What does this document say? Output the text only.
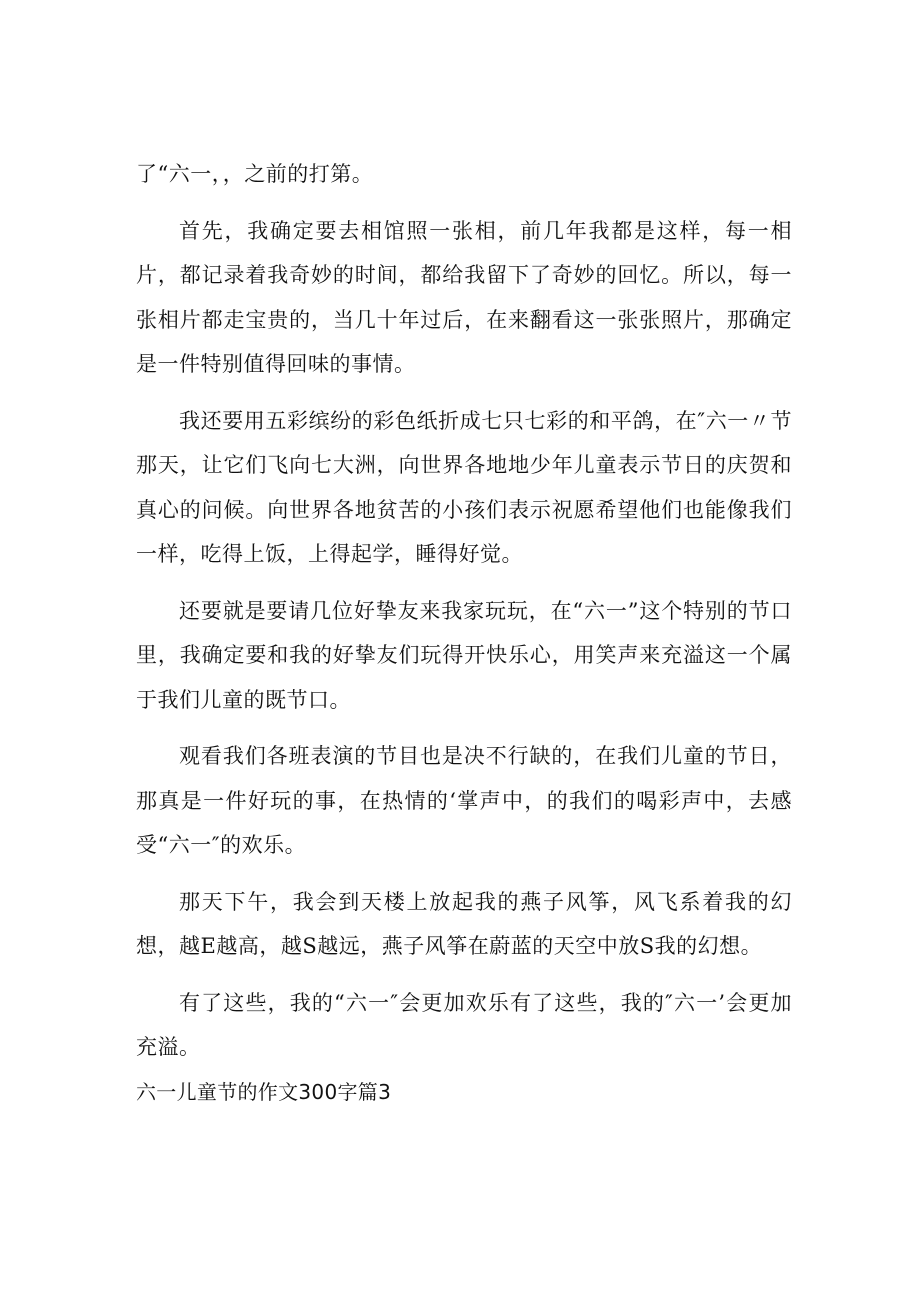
了“六一，，之前的打第。

首先，我确定要去相馆照一张相，前几年我都是这样，每一相片，都记录着我奇妙的时间，都给我留下了奇妙的回忆。所以，每一张相片都走宝贵的，当几十年过后，在来翻看这一张张照片，那确定是一件特别值得回味的事情。

我还要用五彩缤纷的彩色纸折成七只七彩的和平鸽，在″六一〃节那天，让它们飞向七大洲，向世界各地地少年儿童表示节日的庆贺和真心的问候。向世界各地贫苦的小孩们表示祝愿希望他们也能像我们一样，吃得上饭，上得起学，睡得好觉。

还要就是要请几位好挚友来我家玩玩，在“六一”这个特别的节口里，我确定要和我的好挚友们玩得开快乐心，用笑声来充溢这一个属于我们儿童的既节口。

观看我们各班表演的节目也是决不行缺的，在我们儿童的节日，那真是一件好玩的事，在热情的‘掌声中，的我们的喝彩声中，去感受“六一″的欢乐。

那天下午，我会到天楼上放起我的燕子风筝，风飞系着我的幻想，越E越高，越S越远，燕子风筝在蔚蓝的天空中放S我的幻想。

有了这些，我的“六一″会更加欢乐有了这些，我的″六一’会更加充溢。

六一儿童节的作文300字篇3
